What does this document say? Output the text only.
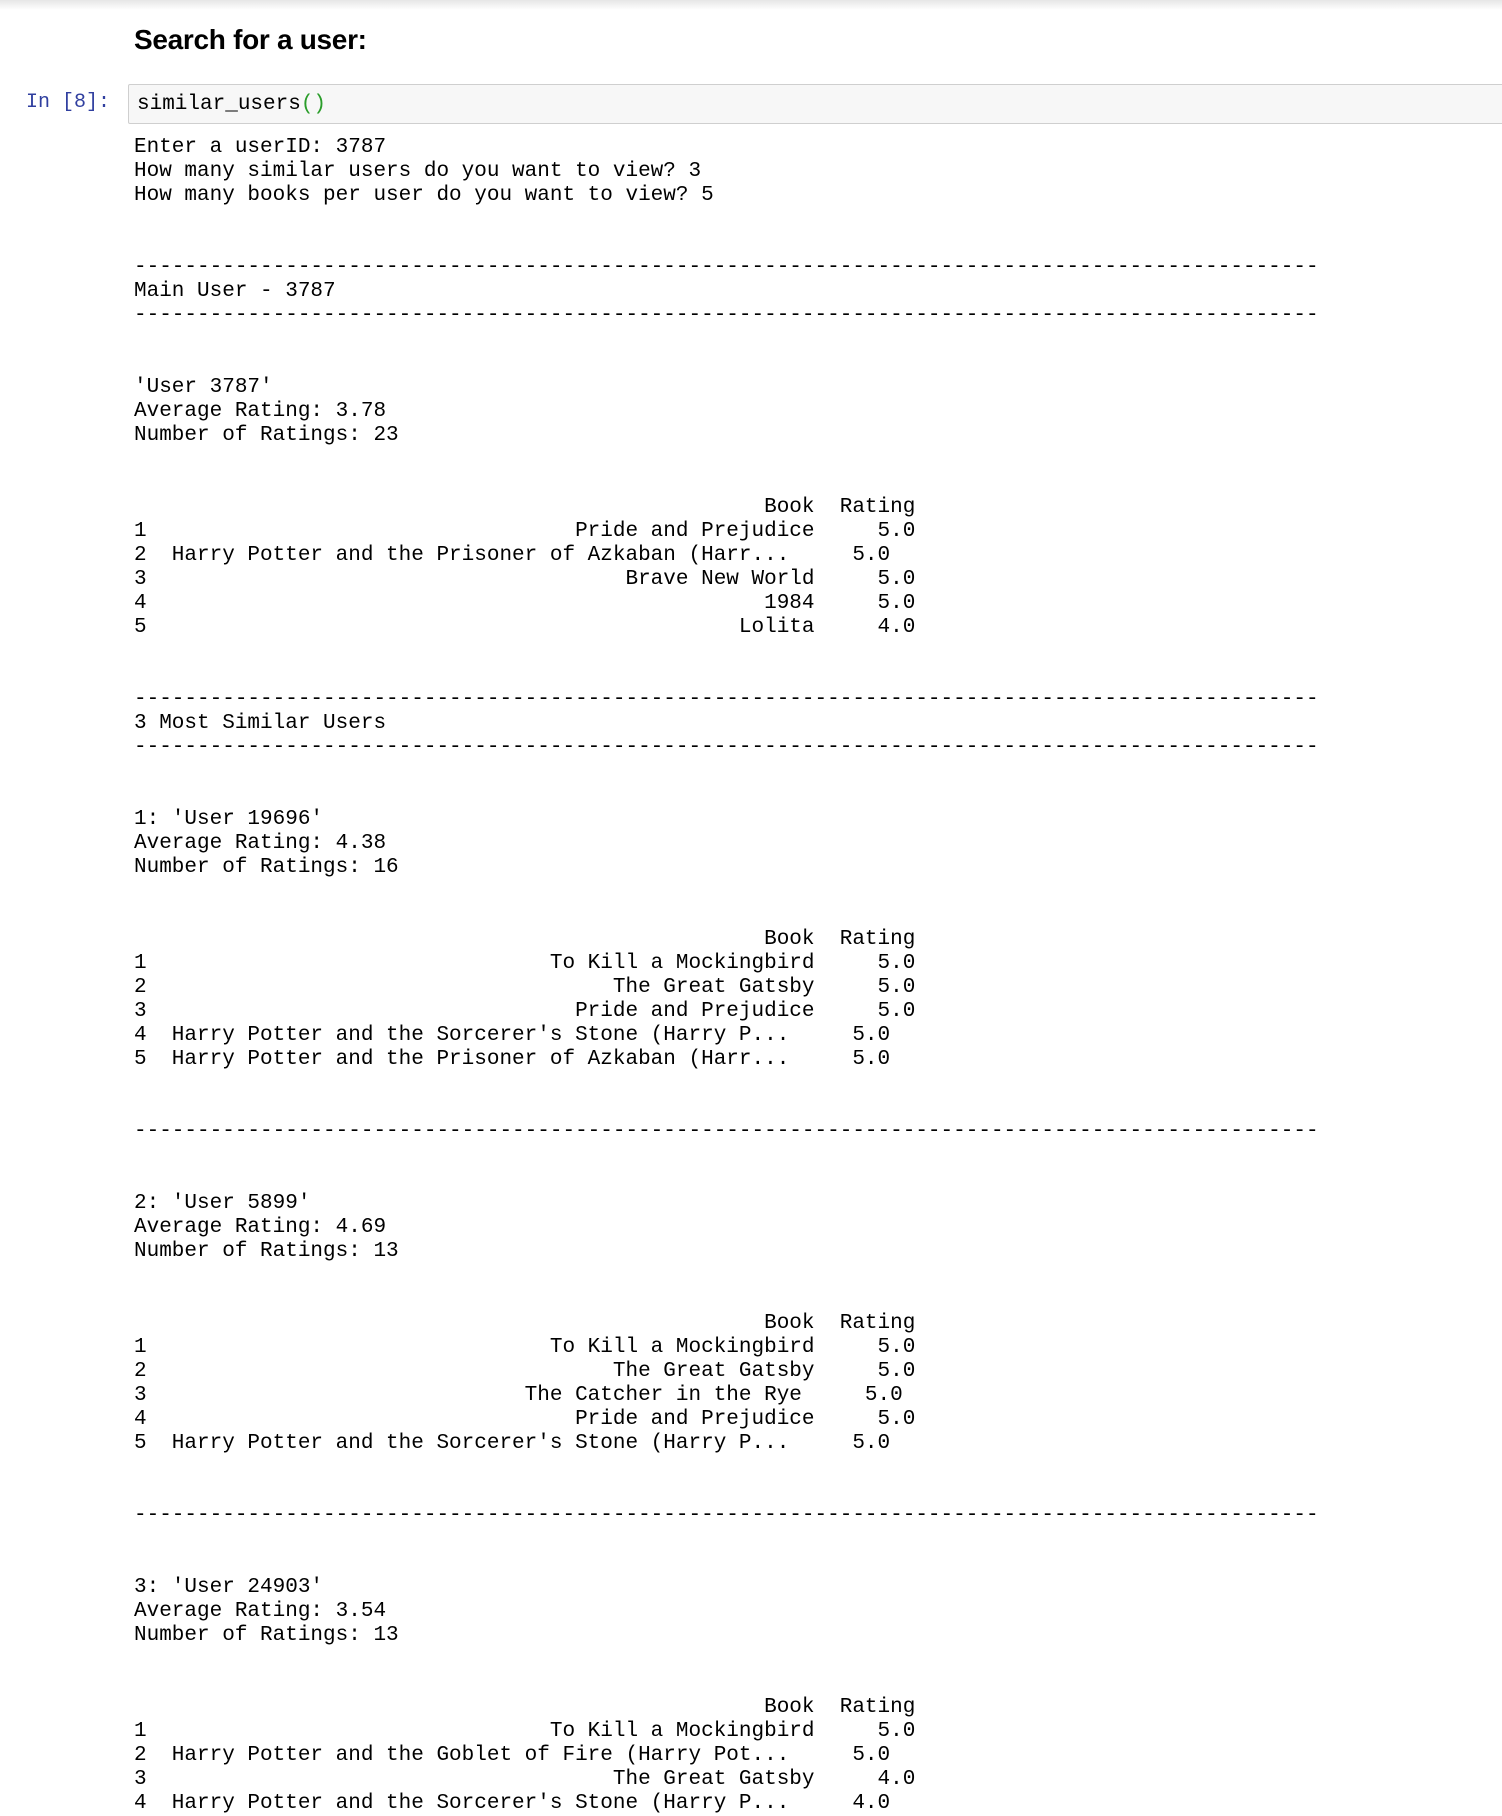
Search for a user:
In [8]: similar_users()
Enter a userID: 3787
How many similar users do you want to view? 3
How many books per user do you want to view? 5

----------------------------------------------------------------------------------------------
Main User - 3787
----------------------------------------------------------------------------------------------

'User 3787'
Average Rating: 3.78
Number of Ratings: 23

Book  Rating
1                                  Pride and Prejudice     5.0
2  Harry Potter and the Prisoner of Azkaban (Harr...     5.0
3                                      Brave New World     5.0
4                                                 1984     5.0
5                                               Lolita     4.0

----------------------------------------------------------------------------------------------
3 Most Similar Users
----------------------------------------------------------------------------------------------

1: 'User 19696'
Average Rating: 4.38
Number of Ratings: 16

Book  Rating
1                                To Kill a Mockingbird     5.0
2                                     The Great Gatsby     5.0
3                                  Pride and Prejudice     5.0
4  Harry Potter and the Sorcerer's Stone (Harry P...     5.0
5  Harry Potter and the Prisoner of Azkaban (Harr...     5.0

----------------------------------------------------------------------------------------------

2: 'User 5899'
Average Rating: 4.69
Number of Ratings: 13

Book  Rating
1                                To Kill a Mockingbird     5.0
2                                     The Great Gatsby     5.0
3                              The Catcher in the Rye     5.0
4                                  Pride and Prejudice     5.0
5  Harry Potter and the Sorcerer's Stone (Harry P...     5.0

----------------------------------------------------------------------------------------------

3: 'User 24903'
Average Rating: 3.54
Number of Ratings: 13

Book  Rating
1                                To Kill a Mockingbird     5.0
2  Harry Potter and the Goblet of Fire (Harry Pot...     5.0
3                                     The Great Gatsby     4.0
4  Harry Potter and the Sorcerer's Stone (Harry P...     4.0
